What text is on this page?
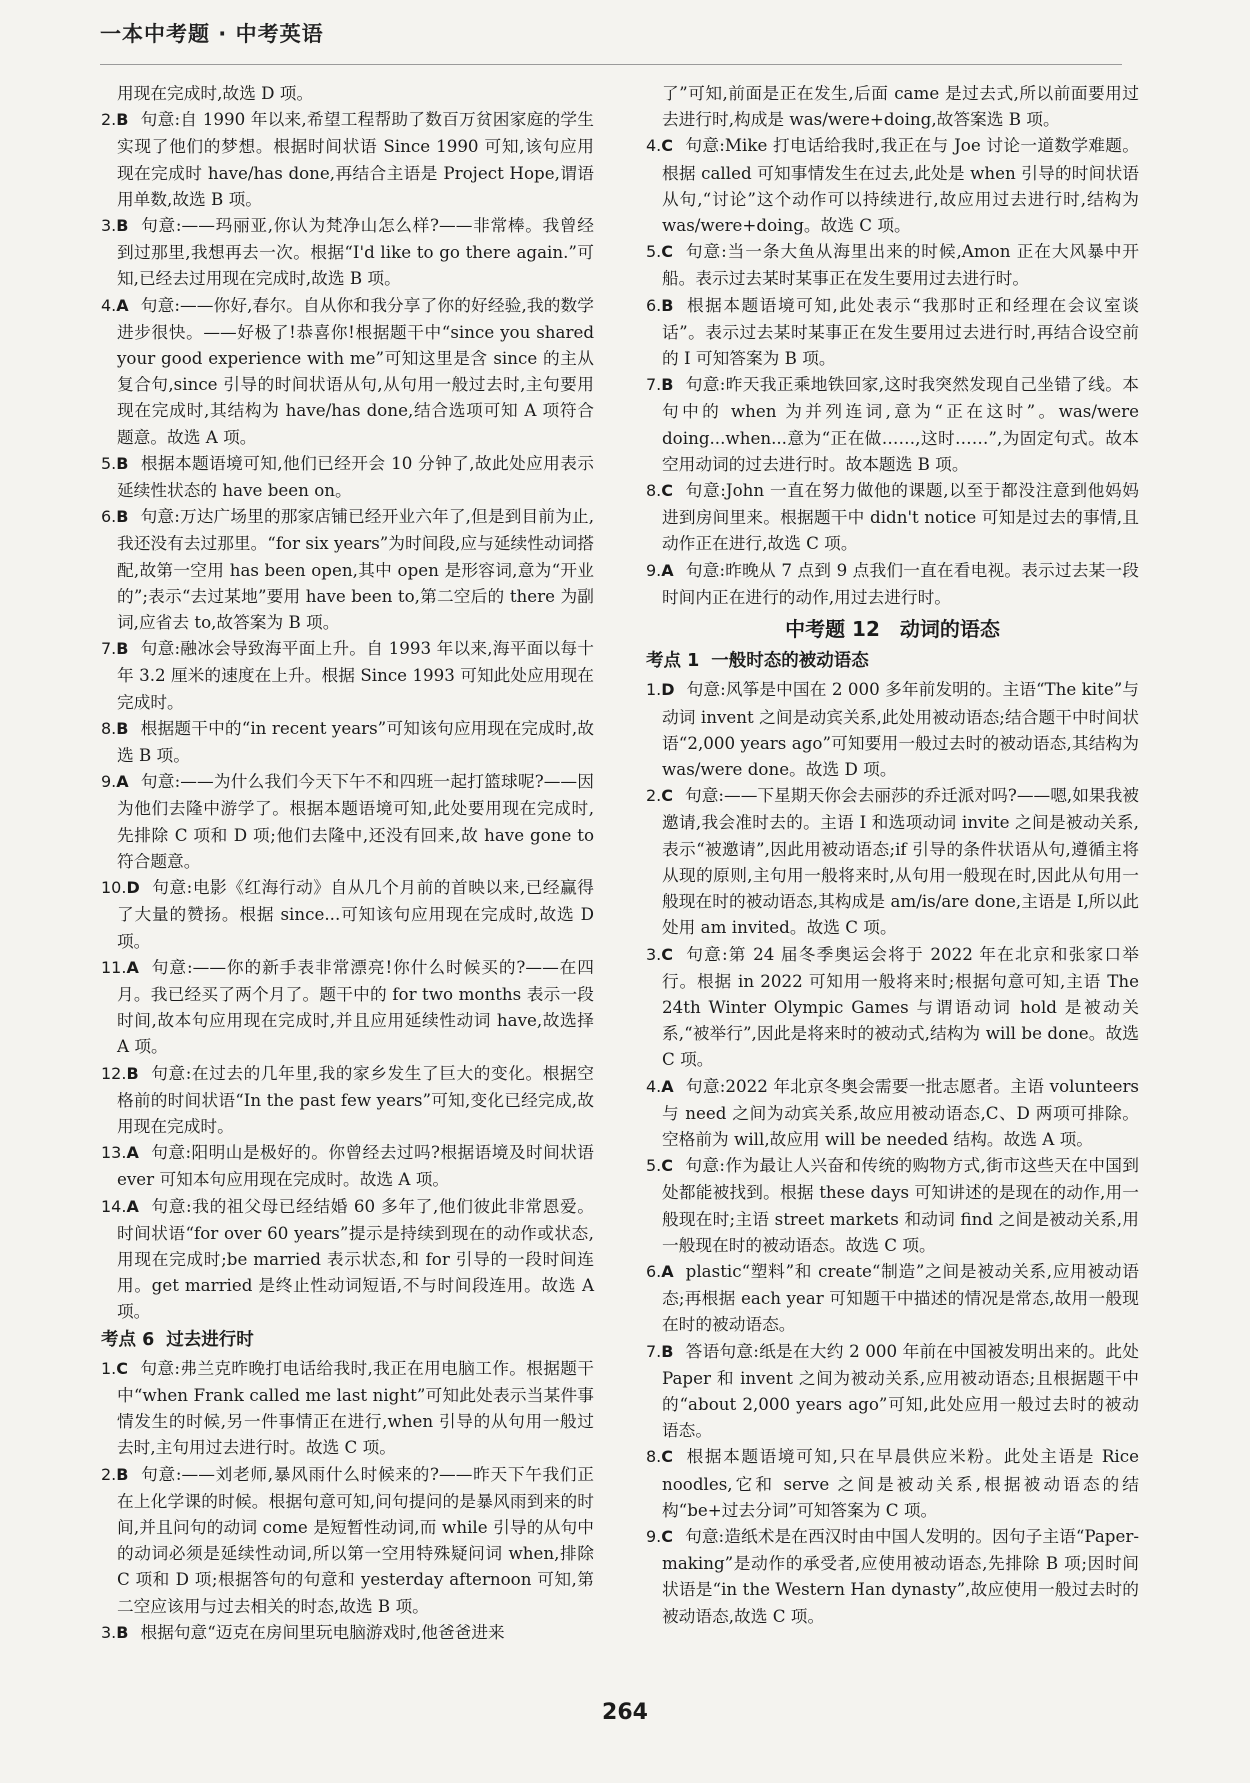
一本中考题 · 中考英语

用现在完成时,故选 D 项。

2.B 句意:自 1990 年以来,希望工程帮助了数百万贫困家庭的学生实现了他们的梦想。根据时间状语 Since 1990 可知,该句应用现在完成时 have/has done,再结合主语是 Project Hope,谓语用单数,故选 B 项。

3.B 句意:——玛丽亚,你认为梵净山怎么样?——非常棒。我曾经到过那里,我想再去一次。根据“I'd like to go there again.”可知,已经去过用现在完成时,故选 B 项。

4.A 句意:——你好,春尔。自从你和我分享了你的好经验,我的数学进步很快。——好极了!恭喜你!根据题干中“since you shared your good experience with me”可知这里是含 since 的主从复合句,since 引导的时间状语从句,从句用一般过去时,主句要用现在完成时,其结构为 have/has done,结合选项可知 A 项符合题意。故选 A 项。

5.B 根据本题语境可知,他们已经开会 10 分钟了,故此处应用表示延续性状态的 have been on。

6.B 句意:万达广场里的那家店铺已经开业六年了,但是到目前为止,我还没有去过那里。“for six years”为时间段,应与延续性动词搭配,故第一空用 has been open,其中 open 是形容词,意为“开业的”;表示“去过某地”要用 have been to,第二空后的 there 为副词,应省去 to,故答案为 B 项。

7.B 句意:融冰会导致海平面上升。自 1993 年以来,海平面以每十年 3.2 厘米的速度在上升。根据 Since 1993 可知此处应用现在完成时。

8.B 根据题干中的“in recent years”可知该句应用现在完成时,故选 B 项。

9.A 句意:——为什么我们今天下午不和四班一起打篮球呢?——因为他们去隆中游学了。根据本题语境可知,此处要用现在完成时,先排除 C 项和 D 项;他们去隆中,还没有回来,故 have gone to 符合题意。

10.D 句意:电影《红海行动》自从几个月前的首映以来,已经赢得了大量的赞扬。根据 since...可知该句应用现在完成时,故选 D 项。

11.A 句意:——你的新手表非常漂亮!你什么时候买的?——在四月。我已经买了两个月了。题干中的 for two months 表示一段时间,故本句应用现在完成时,并且应用延续性动词 have,故选择 A 项。

12.B 句意:在过去的几年里,我的家乡发生了巨大的变化。根据空格前的时间状语“In the past few years”可知,变化已经完成,故用现在完成时。

13.A 句意:阳明山是极好的。你曾经去过吗?根据语境及时间状语 ever 可知本句应用现在完成时。故选 A 项。

14.A 句意:我的祖父母已经结婚 60 多年了,他们彼此非常恩爱。时间状语“for over 60 years”提示是持续到现在的动作或状态,用现在完成时;be married 表示状态,和 for 引导的一段时间连用。get married 是终止性动词短语,不与时间段连用。故选 A 项。

考点 6 过去进行时

1.C 句意:弗兰克昨晚打电话给我时,我正在用电脑工作。根据题干中“when Frank called me last night”可知此处表示当某件事情发生的时候,另一件事情正在进行,when 引导的从句用一般过去时,主句用过去进行时。故选 C 项。

2.B 句意:——刘老师,暴风雨什么时候来的?——昨天下午我们正在上化学课的时候。根据句意可知,问句提问的是暴风雨到来的时间,并且问句的动词 come 是短暂性动词,而 while 引导的从句中的动词必须是延续性动词,所以第一空用特殊疑问词 when,排除 C 项和 D 项;根据答句的句意和 yesterday afternoon 可知,第二空应该用与过去相关的时态,故选 B 项。

3.B 根据句意“迈克在房间里玩电脑游戏时,他爸爸进来

了”可知,前面是正在发生,后面 came 是过去式,所以前面要用过去进行时,构成是 was/were+doing,故答案选 B 项。

4.C 句意:Mike 打电话给我时,我正在与 Joe 讨论一道数学难题。根据 called 可知事情发生在过去,此处是 when 引导的时间状语从句,“讨论”这个动作可以持续进行,故应用过去进行时,结构为 was/were+doing。故选 C 项。

5.C 句意:当一条大鱼从海里出来的时候,Amon 正在大风暴中开船。表示过去某时某事正在发生要用过去进行时。

6.B 根据本题语境可知,此处表示“我那时正和经理在会议室谈话”。表示过去某时某事正在发生要用过去进行时,再结合设空前的 I 可知答案为 B 项。

7.B 句意:昨天我正乘地铁回家,这时我突然发现自己坐错了线。本句中的 when 为并列连词,意为“正在这时”。was/were doing...when...意为“正在做……,这时……”,为固定句式。故本空用动词的过去进行时。故本题选 B 项。

8.C 句意:John 一直在努力做他的课题,以至于都没注意到他妈妈进到房间里来。根据题干中 didn't notice 可知是过去的事情,且动作正在进行,故选 C 项。

9.A 句意:昨晚从 7 点到 9 点我们一直在看电视。表示过去某一段时间内正在进行的动作,用过去进行时。

中考题 12 动词的语态
考点 1 一般时态的被动语态

1.D 句意:风筝是中国在 2 000 多年前发明的。主语“The kite”与动词 invent 之间是动宾关系,此处用被动语态;结合题干中时间状语“2,000 years ago”可知要用一般过去时的被动语态,其结构为 was/were done。故选 D 项。

2.C 句意:——下星期天你会去丽莎的乔迁派对吗?——嗯,如果我被邀请,我会准时去的。主语 I 和选项动词 invite 之间是被动关系,表示“被邀请”,因此用被动语态;if 引导的条件状语从句,遵循主将从现的原则,主句用一般将来时,从句用一般现在时,因此从句用一般现在时的被动语态,其构成是 am/is/are done,主语是 I,所以此处用 am invited。故选 C 项。

3.C 句意:第 24 届冬季奥运会将于 2022 年在北京和张家口举行。根据 in 2022 可知用一般将来时;根据句意可知,主语 The 24th Winter Olympic Games 与谓语动词 hold 是被动关系,“被举行”,因此是将来时的被动式,结构为 will be done。故选 C 项。

4.A 句意:2022 年北京冬奥会需要一批志愿者。主语 volunteers 与 need 之间为动宾关系,故应用被动语态,C、D 两项可排除。空格前为 will,故应用 will be needed 结构。故选 A 项。

5.C 句意:作为最让人兴奋和传统的购物方式,街市这些天在中国到处都能被找到。根据 these days 可知讲述的是现在的动作,用一般现在时;主语 street markets 和动词 find 之间是被动关系,用一般现在时的被动语态。故选 C 项。

6.A plastic“塑料”和 create“制造”之间是被动关系,应用被动语态;再根据 each year 可知题干中描述的情况是常态,故用一般现在时的被动语态。

7.B 答语句意:纸是在大约 2 000 年前在中国被发明出来的。此处 Paper 和 invent 之间为被动关系,应用被动语态;且根据题干中的“about 2,000 years ago”可知,此处应用一般过去时的被动语态。

8.C 根据本题语境可知,只在早晨供应米粉。此处主语是 Rice noodles,它和 serve 之间是被动关系,根据被动语态的结构“be+过去分词”可知答案为 C 项。

9.C 句意:造纸术是在西汉时由中国人发明的。因句子主语“Paper-making”是动作的承受者,应使用被动语态,先排除 B 项;因时间状语是“in the Western Han dynasty”,故应使用一般过去时的被动语态,故选 C 项。

264
